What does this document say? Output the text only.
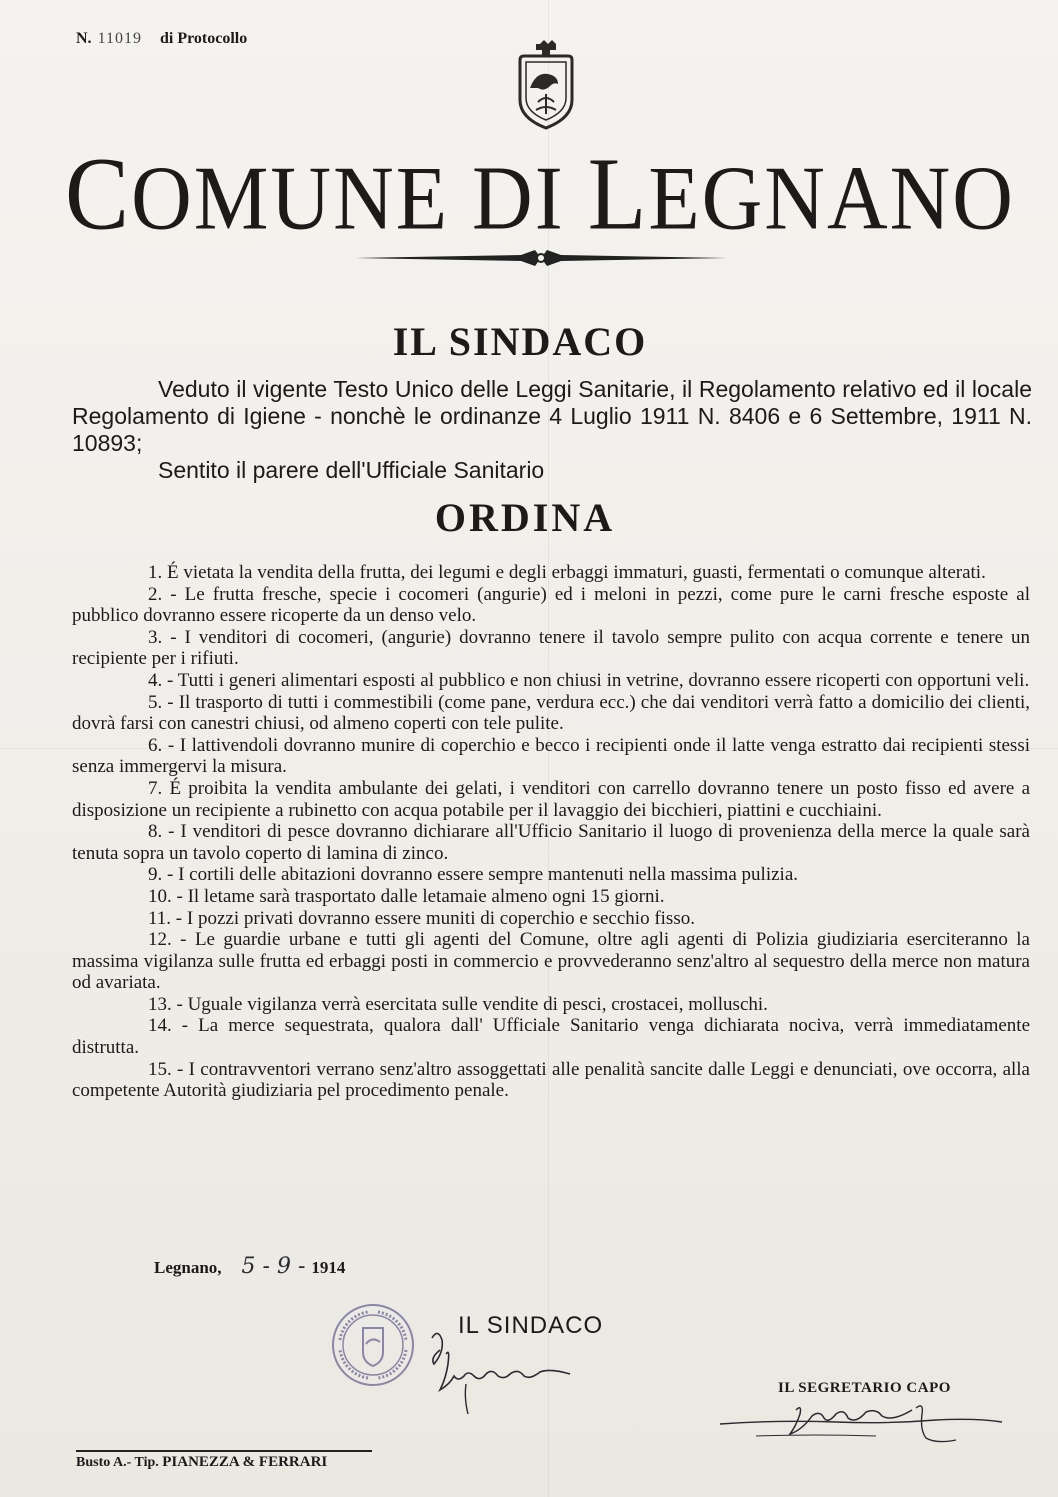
N. 11019 di Protocollo
COMUNE DI LEGNANO
IL SINDACO

Veduto il vigente Testo Unico delle Leggi Sanitarie, il Regolamento relativo ed il locale Regolamento di Igiene - nonchè le ordinanze 4 Luglio 1911 N. 8406 e 6 Settembre, 1911 N. 10893;

Sentito il parere dell'Ufficiale Sanitario

ORDINA

1. É vietata la vendita della frutta, dei legumi e degli erbaggi immaturi, guasti, fermentati o comunque alterati.

2. - Le frutta fresche, specie i cocomeri (angurie) ed i meloni in pezzi, come pure le carni fresche esposte al pubblico dovranno essere ricoperte da un denso velo.

3. - I venditori di cocomeri, (angurie) dovranno tenere il tavolo sempre pulito con acqua corrente e tenere un recipiente per i rifiuti.

4. - Tutti i generi alimentari esposti al pubblico e non chiusi in vetrine, dovranno essere ricoperti con opportuni veli.

5. - Il trasporto di tutti i commestibili (come pane, verdura ecc.) che dai venditori verrà fatto a domicilio dei clienti, dovrà farsi con canestri chiusi, od almeno coperti con tele pulite.

6. - I lattivendoli dovranno munire di coperchio e becco i recipienti onde il latte venga estratto dai recipienti stessi senza immergervi la misura.

7. É proibita la vendita ambulante dei gelati, i venditori con carrello dovranno tenere un posto fisso ed avere a disposizione un recipiente a rubinetto con acqua potabile per il lavaggio dei bicchieri, piattini e cucchiaini.

8. - I venditori di pesce dovranno dichiarare all'Ufficio Sanitario il luogo di provenienza della merce la quale sarà tenuta sopra un tavolo coperto di lamina di zinco.

9. - I cortili delle abitazioni dovranno essere sempre mantenuti nella massima pulizia.

10. - Il letame sarà trasportato dalle letamaie almeno ogni 15 giorni.

11. - I pozzi privati dovranno essere muniti di coperchio e secchio fisso.

12. - Le guardie urbane e tutti gli agenti del Comune, oltre agli agenti di Polizia giudiziaria eserciteranno la massima vigilanza sulle frutta ed erbaggi posti in commercio e provvederanno senz'altro al sequestro della merce non matura od avariata.

13. - Uguale vigilanza verrà esercitata sulle vendite di pesci, crostacei, molluschi.

14. - La merce sequestrata, qualora dall' Ufficiale Sanitario venga dichiarata nociva, verrà immediatamente distrutta.

15. - I contravventori verrano senz'altro assoggettati alle penalità sancite dalle Leggi e denunciati, ove occorra, alla competente Autorità giudiziaria pel procedimento penale.

Legnano, 5 - 9 - 1914
IL SINDACO
IL SEGRETARIO CAPO
Busto A.- Tip. PIANEZZA & FERRARI
